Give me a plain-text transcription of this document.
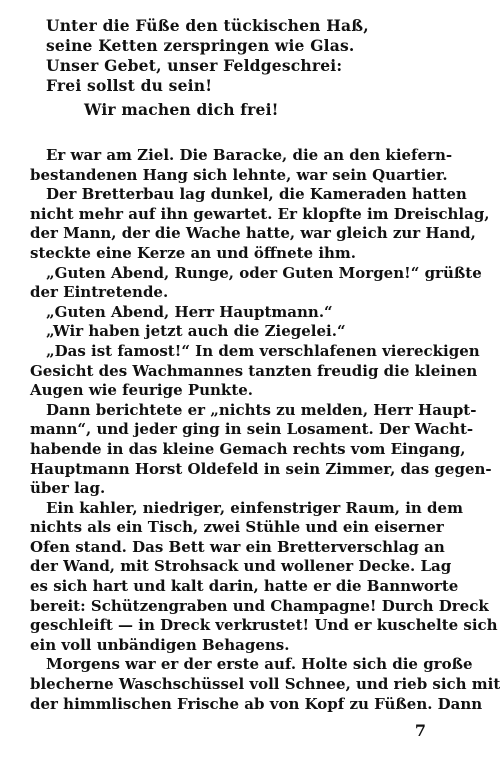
Unter die Füße den tückischen Haß,
seine Ketten zerspringen wie Glas.
Unser Gebet, unser Feldgeschrei:
Frei sollst du sein!
Wir machen dich frei!
Er war am Ziel. Die Baracke, die an den kiefern-
bestandenen Hang sich lehnte, war sein Quartier.
Der Bretterbau lag dunkel, die Kameraden hatten
nicht mehr auf ihn gewartet. Er klopfte im Dreischlag,
der Mann, der die Wache hatte, war gleich zur Hand,
steckte eine Kerze an und öffnete ihm.
„Guten Abend, Runge, oder Guten Morgen!“ grüßte
der Eintretende.
„Guten Abend, Herr Hauptmann.“
„Wir haben jetzt auch die Ziegelei.“
„Das ist famost!“ In dem verschlafenen viereckigen
Gesicht des Wachmannes tanzten freudig die kleinen
Augen wie feurige Punkte.
Dann berichtete er „nichts zu melden, Herr Haupt-
mann“, und jeder ging in sein Losament. Der Wacht-
habende in das kleine Gemach rechts vom Eingang,
Hauptmann Horst Oldefeld in sein Zimmer, das gegen-
über lag.
Ein kahler, niedriger, einfenstriger Raum, in dem
nichts als ein Tisch, zwei Stühle und ein eiserner
Ofen stand. Das Bett war ein Bretterverschlag an
der Wand, mit Strohsack und wollener Decke. Lag
es sich hart und kalt darin, hatte er die Bannworte
bereit: Schützengraben und Champagne! Durch Dreck
geschleift — in Dreck verkrustet! Und er kuschelte sich
ein voll unbändigen Behagens.
Morgens war er der erste auf. Holte sich die große
blecherne Waschschüssel voll Schnee, und rieb sich mit
der himmlischen Frische ab von Kopf zu Füßen. Dann
7
